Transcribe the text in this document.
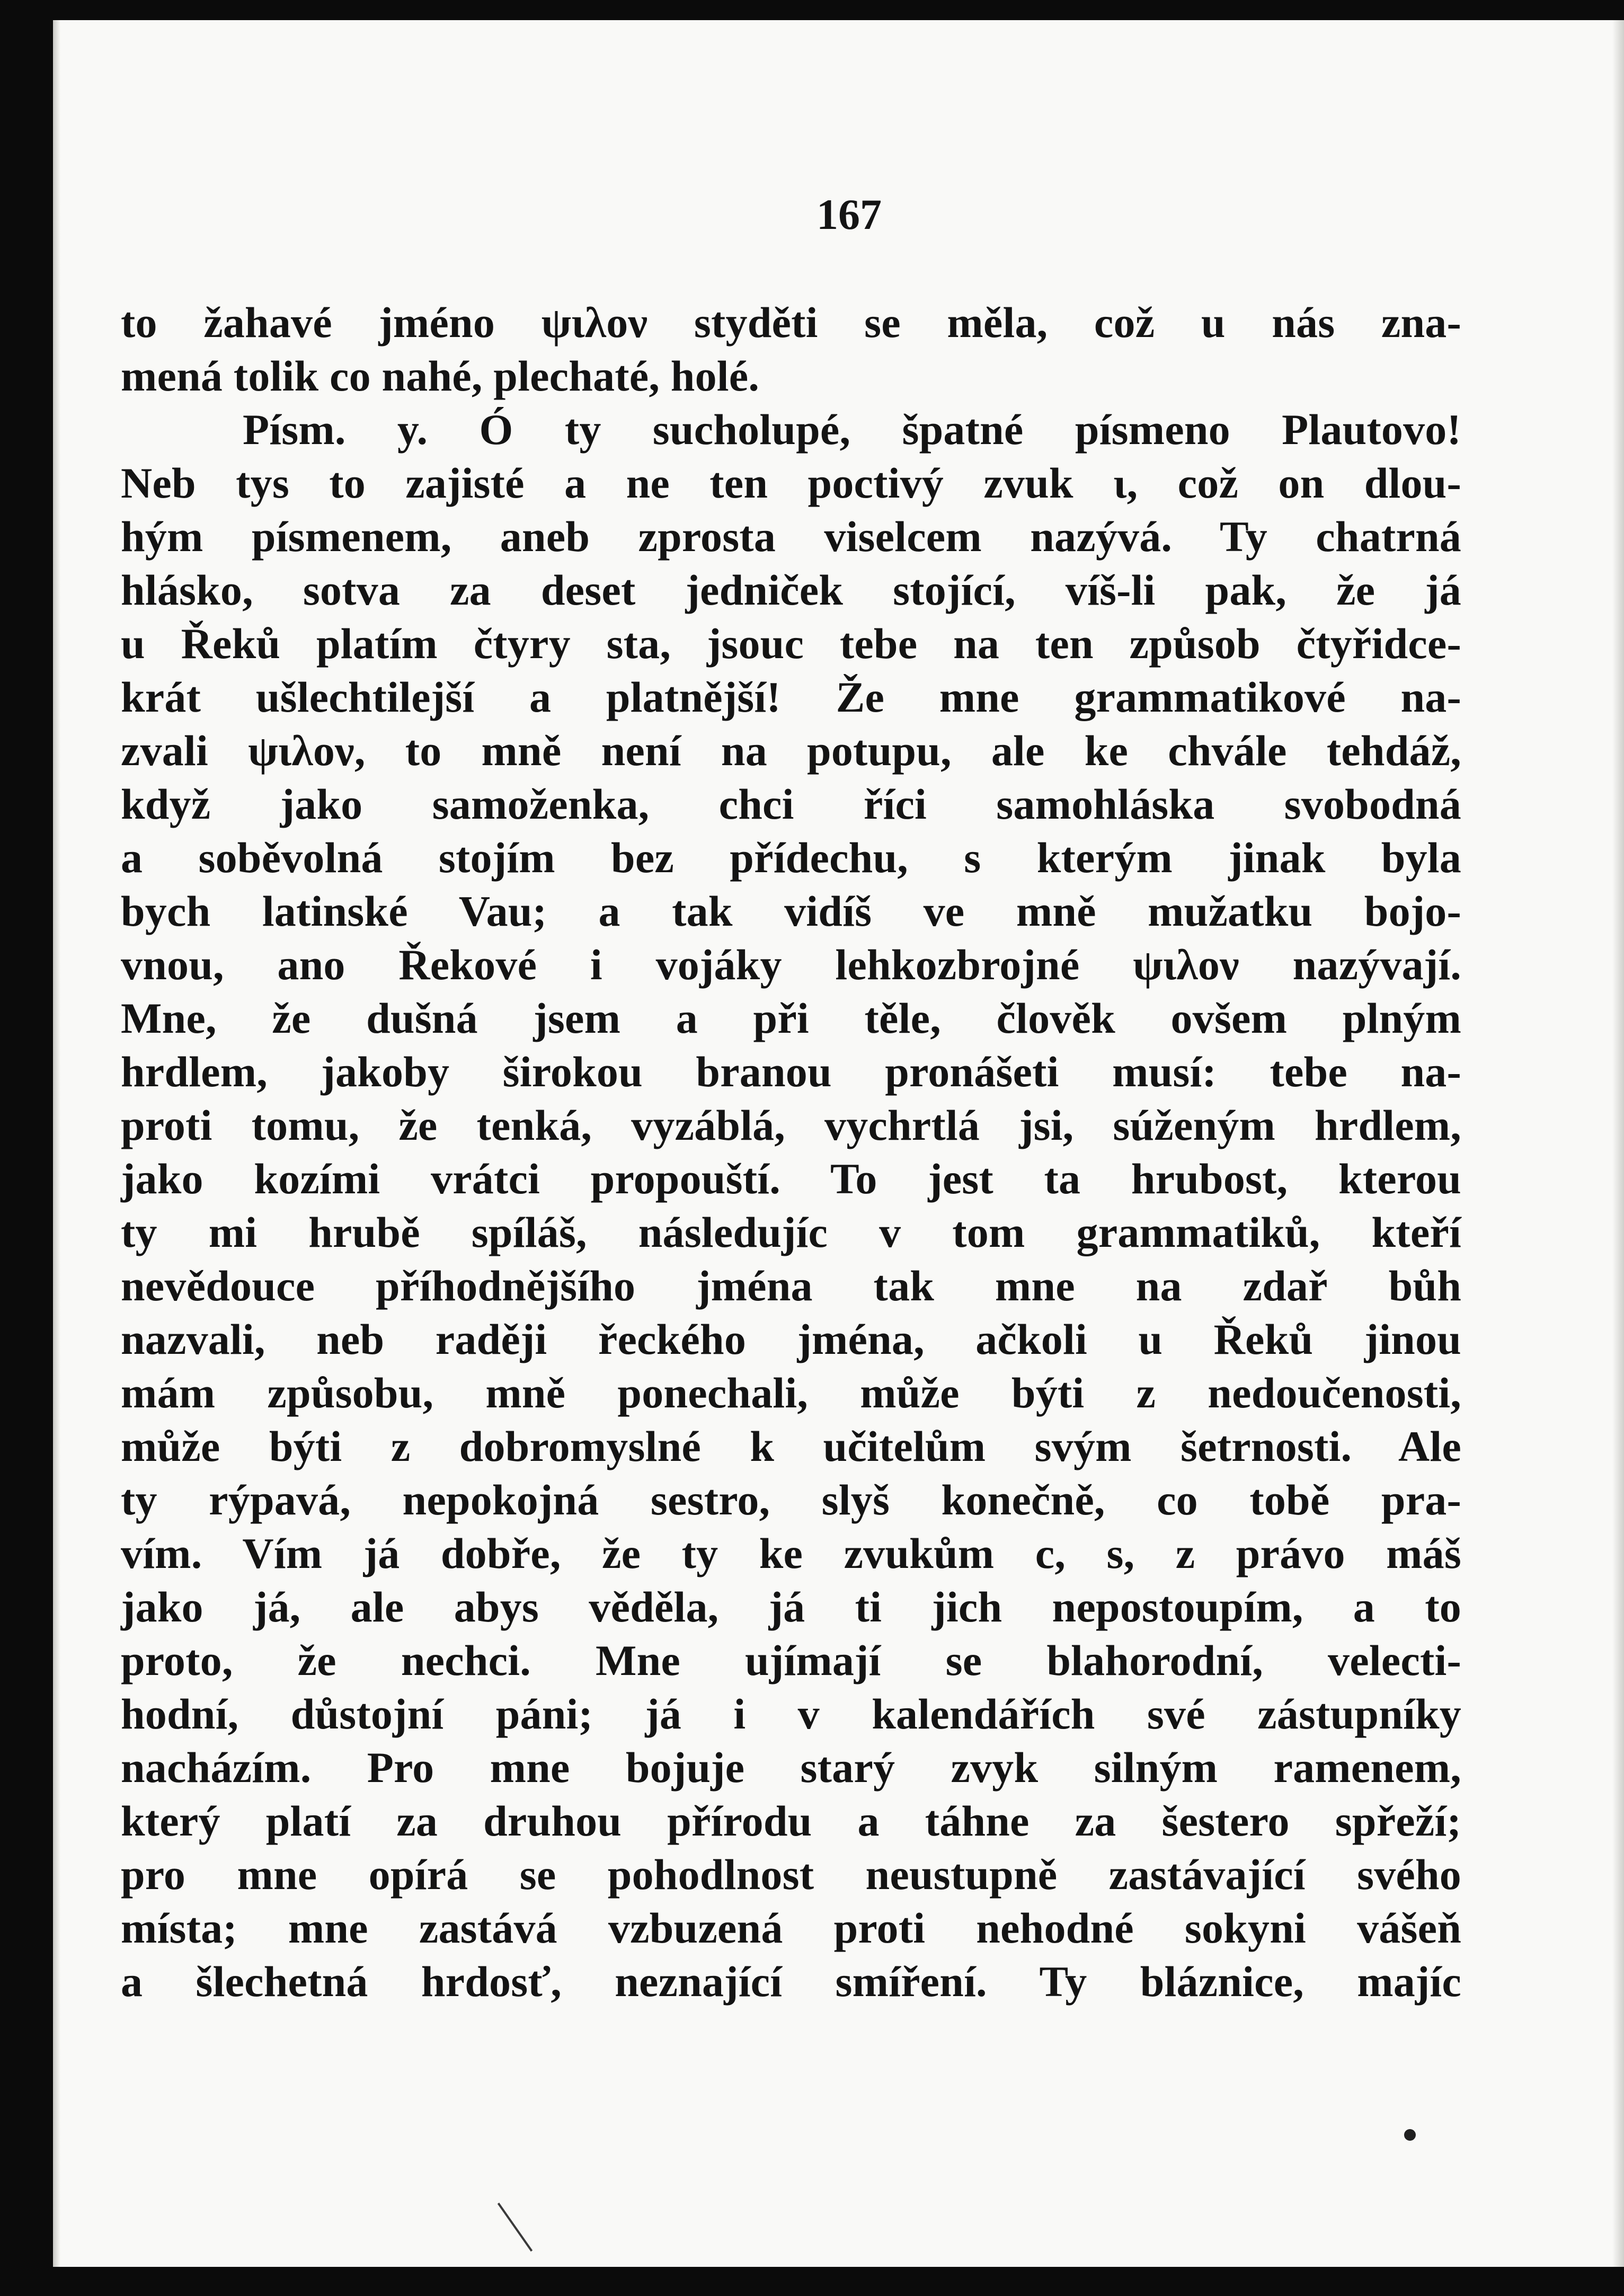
167
to žahavé jméno ψιλον styděti se měla, což u nás zna-
mená tolik co nahé, plechaté, holé.
Písm. y. Ó ty sucholupé, špatné písmeno Plautovo!
Neb tys to zajisté a ne ten poctivý zvuk ι, což on dlou-
hým písmenem, aneb zprosta viselcem nazývá. Ty chatrná
hlásko, sotva za deset jedniček stojící, víš-li pak, že já
u Řeků platím čtyry sta, jsouc tebe na ten způsob čtyřidce-
krát ušlechtilejší a platnější! Že mne grammatikové na-
zvali ψιλον, to mně není na potupu, ale ke chvále tehdáž,
když jako samoženka, chci říci samohláska svobodná
a soběvolná stojím bez přídechu, s kterým jinak byla
bych latinské Vau; a tak vidíš ve mně mužatku bojo-
vnou, ano Řekové i vojáky lehkozbrojné ψιλον nazývají.
Mne, že dušná jsem a při těle, člověk ovšem plným
hrdlem, jakoby širokou branou pronášeti musí: tebe na-
proti tomu, že tenká, vyzáblá, vychrtlá jsi, súženým hrdlem,
jako kozími vrátci propouští. To jest ta hrubost, kterou
ty mi hrubě spíláš, následujíc v tom grammatiků, kteří
nevědouce příhodnějšího jména tak mne na zdař bůh
nazvali, neb raději řeckého jména, ačkoli u Řeků jinou
mám způsobu, mně ponechali, může býti z nedoučenosti,
může býti z dobromyslné k učitelům svým šetrnosti. Ale
ty rýpavá, nepokojná sestro, slyš konečně, co tobě pra-
vím. Vím já dobře, že ty ke zvukům c, s, z právo máš
jako já, ale abys věděla, já ti jich nepostoupím, a to
proto, že nechci. Mne ujímají se blahorodní, velecti-
hodní, důstojní páni; já i v kalendářích své zástupníky
nacházím. Pro mne bojuje starý zvyk silným ramenem,
který platí za druhou přírodu a táhne za šestero spřeží;
pro mne opírá se pohodlnost neustupně zastávající svého
místa; mne zastává vzbuzená proti nehodné sokyni vášeň
a šlechetná hrdosť, neznající smíření. Ty bláznice, majíc
